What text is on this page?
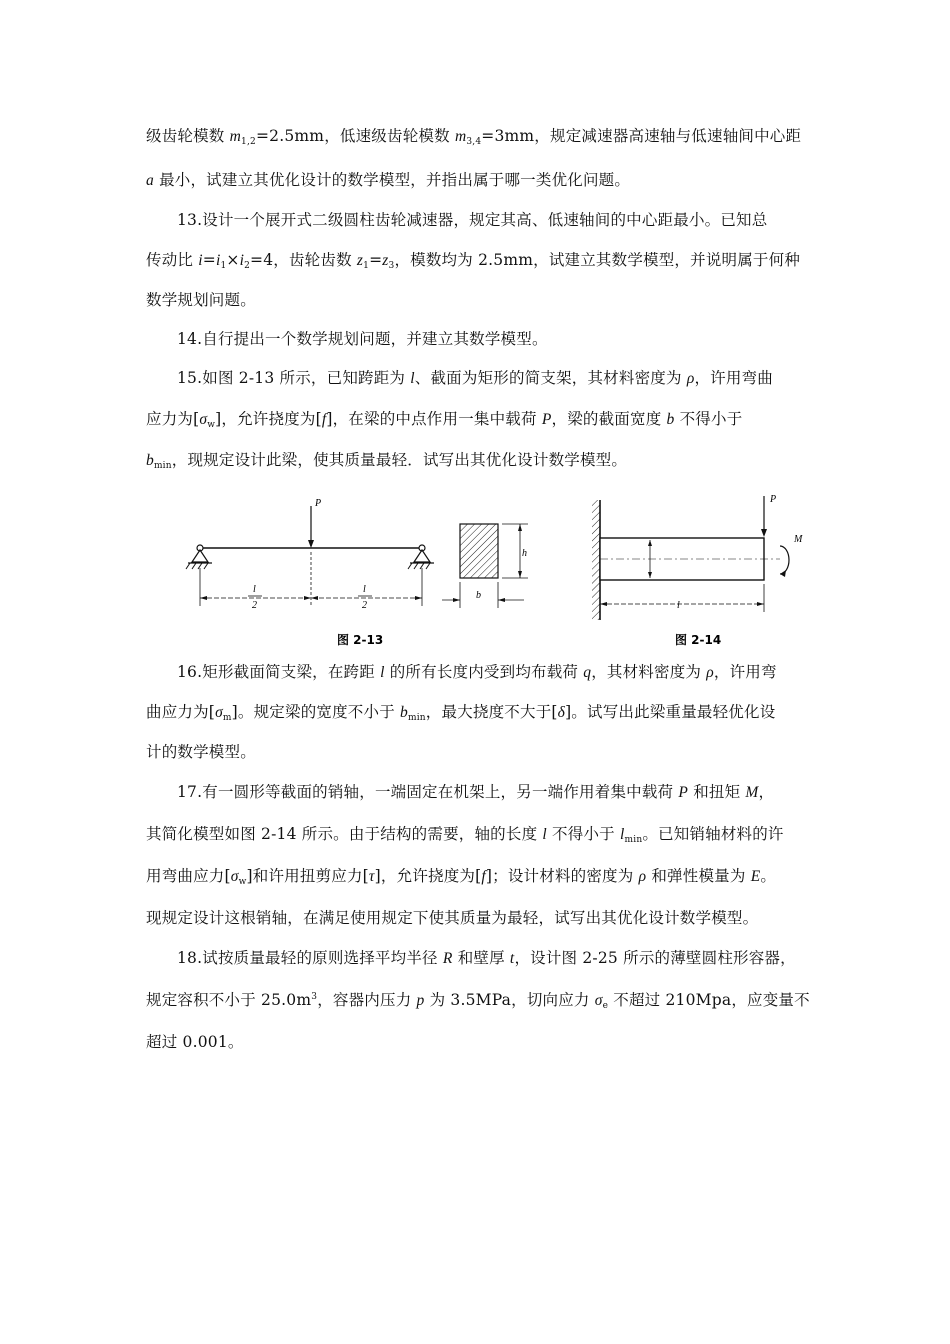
级齿轮模数 $m_{1,2}=2.5mm$，低速级齿轮模数 $m_{3,4}=3mm$，规定减速器高速轴与低速轴间中心距
a 最小，试建立其优化设计的数学模型，并指出属于哪一类优化问题。
13.设计一个展开式二级圆柱齿轮减速器，规定其高、低速轴间的中心距最小。已知总
传动比 $i=i_1\times i_2=4$，齿轮齿数 $z_1=z_3$，模数均为 2.5mm，试建立其数学模型，并说明属于何种
数学规划问题。
14.自行提出一个数学规划问题，并建立其数学模型。
15.如图 2-13 所示，已知跨距为 l、截面为矩形的简支架，其材料密度为 ρ，许用弯曲
应力为$[\sigma_w]$，允许挠度为[f]，在梁的中点作用一集中载荷 P，梁的截面宽度 b 不得小于
$b_{min}$，现规定设计此梁，使其质量最轻．试写出其优化设计数学模型。
P
l
2
l
2
h
b
P
M
l
图 2-13	图 2-14
16.矩形截面简支梁，在跨距 l 的所有长度内受到均布载荷 q，其材料密度为 ρ，许用弯
曲应力为$[\sigma_m]$。规定梁的宽度不小于 $b_{min}$，最大挠度不大于[δ]。试写出此梁重量最轻优化设
计的数学模型。
17.有一圆形等截面的销轴，一端固定在机架上，另一端作用着集中载荷 P 和扭矩 M，
其简化模型如图 2-14 所示。由于结构的需要，轴的长度 l 不得小于 $l_{min}$。已知销轴材料的许
用弯曲应力$[\sigma_w]$和许用扭剪应力[τ]，允许挠度为[f]；设计材料的密度为 ρ 和弹性模量为 E。
现规定设计这根销轴，在满足使用规定下使其质量为最轻，试写出其优化设计数学模型。
18.试按质量最轻的原则选择平均半径 R 和壁厚 t，设计图 2-25 所示的薄壁圆柱形容器，
规定容积不小于 $25.0m^3$，容器内压力 p 为 3.5MPa，切向应力 $\sigma_e$ 不超过 210Mpa，应变量不
超过 0.001。
